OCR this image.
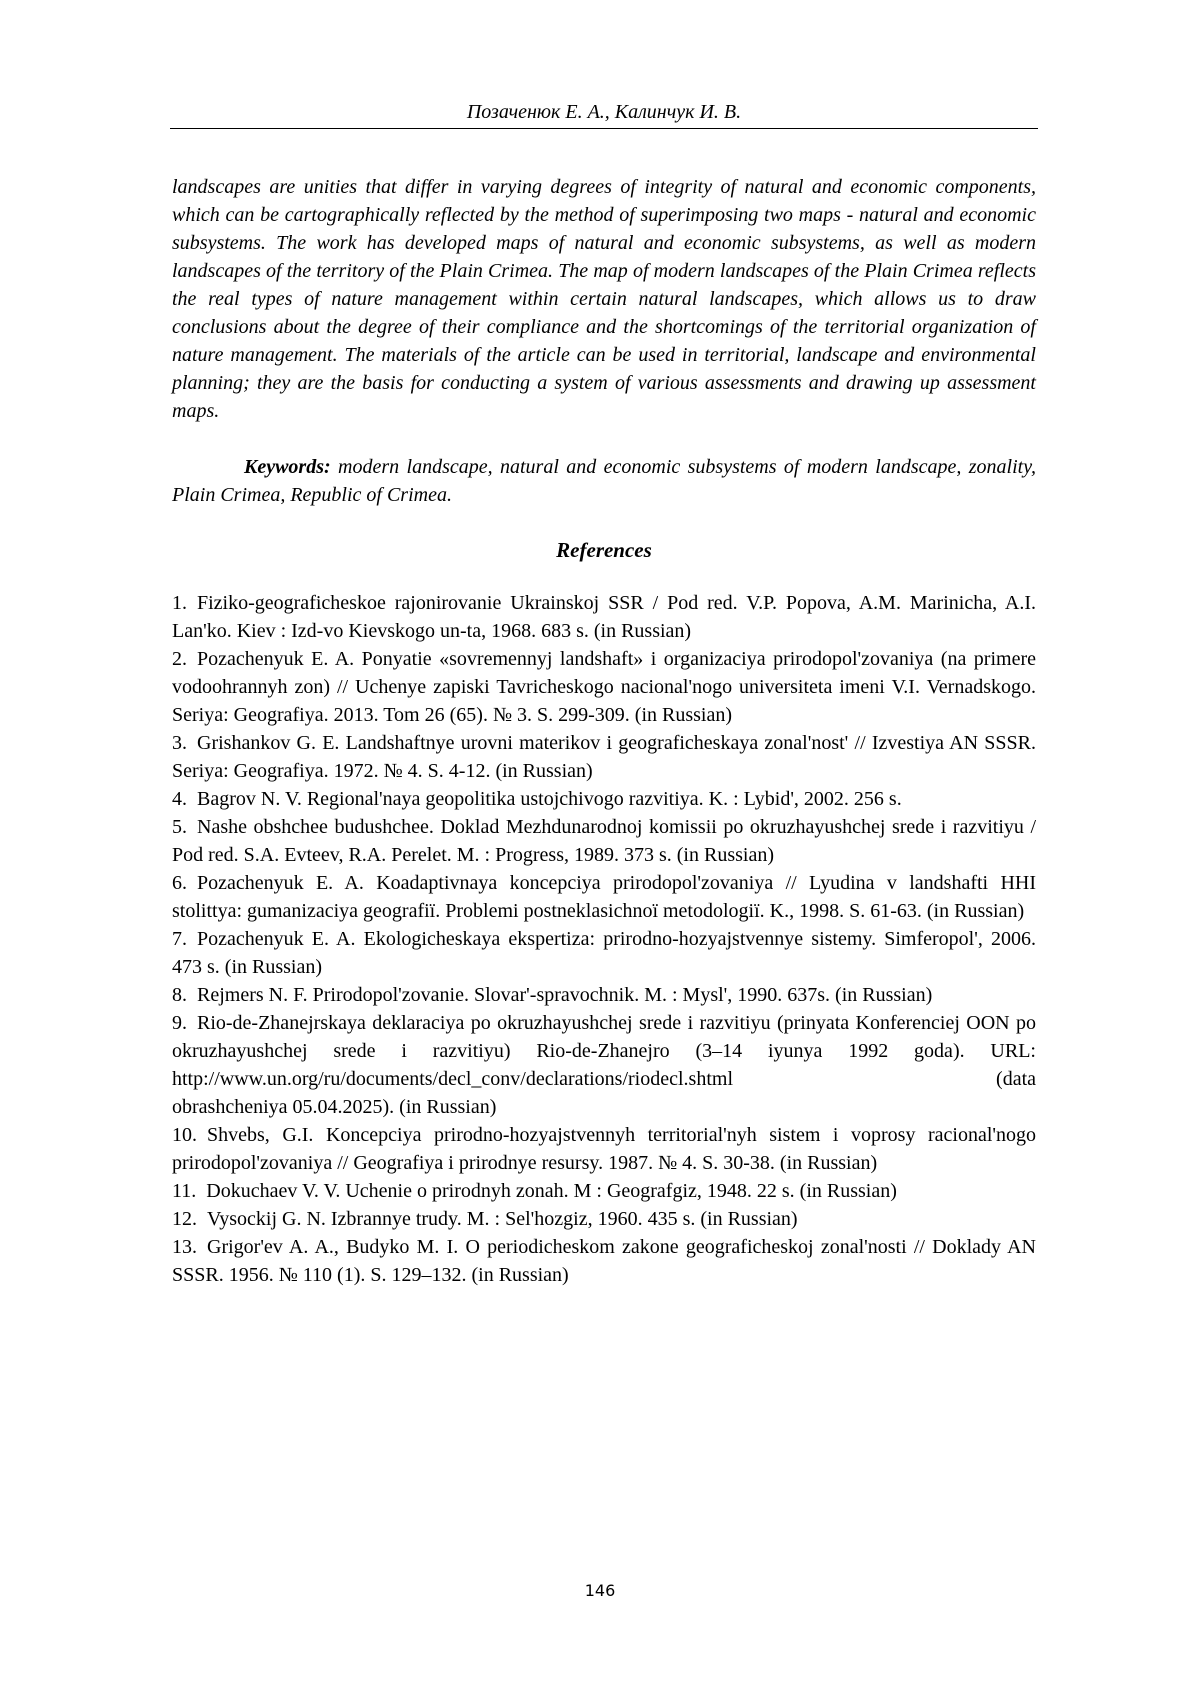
Позаченюк Е. А., Калинчук И. В.

landscapes are unities that differ in varying degrees of integrity of natural and economic components, which can be cartographically reflected by the method of superimposing two maps - natural and economic subsystems. The work has developed maps of natural and economic subsystems, as well as modern landscapes of the territory of the Plain Crimea. The map of modern landscapes of the Plain Crimea reflects the real types of nature management within certain natural landscapes, which allows us to draw conclusions about the degree of their compliance and the shortcomings of the territorial organization of nature management. The materials of the article can be used in territorial, landscape and environmental planning; they are the basis for conducting a system of various assessments and drawing up assessment maps.

Keywords: modern landscape, natural and economic subsystems of modern landscape, zonality, Plain Crimea, Republic of Crimea.

References

1. Fiziko-geograficheskoe rajonirovanie Ukrainskoj SSR / Pod red. V.P. Popova, A.M. Marinicha, A.I. Lan'ko. Kiev : Izd-vo Kievskogo un-ta, 1968. 683 s. (in Russian)

2. Pozachenyuk E. A. Ponyatie «sovremennyj landshaft» i organizaciya prirodopol'zovaniya (na primere vodoohrannyh zon) // Uchenye zapiski Tavricheskogo nacional'nogo universiteta imeni V.I. Vernadskogo. Seriya: Geografiya. 2013. Tom 26 (65). № 3. S. 299-309. (in Russian)

3. Grishankov G. E. Landshaftnye urovni materikov i geograficheskaya zonal'nost' // Izvestiya AN SSSR. Seriya: Geografiya. 1972. № 4. S. 4-12. (in Russian)

4. Bagrov N. V. Regional'naya geopolitika ustojchivogo razvitiya. K. : Lybid', 2002. 256 s.

5. Nashe obshchee budushchee. Doklad Mezhdunarodnoj komissii po okruzhayushchej srede i razvitiyu / Pod red. S.A. Evteev, R.A. Perelet. M. : Progress, 1989. 373 s. (in Russian)

6. Pozachenyuk E. A. Koadaptivnaya koncepciya prirodopol'zovaniya // Lyudina v landshafti HHI stolittya: gumanizaciya geografiï. Problemi postneklasichnoï metodologiï. K., 1998. S. 61-63. (in Russian)

7. Pozachenyuk E. A. Ekologicheskaya ekspertiza: prirodno-hozyajstvennye sistemy. Simferopol', 2006. 473 s. (in Russian)

8. Rejmers N. F. Prirodopol'zovanie. Slovar'-spravochnik. M. : Mysl', 1990. 637s. (in Russian)

9. Rio-de-Zhanejrskaya deklaraciya po okruzhayushchej srede i razvitiyu (prinyata Konferenciej OON po okruzhayushchej srede i razvitiyu) Rio-de-Zhanejro (3–14 iyunya 1992 goda). URL:

http://www.un.org/ru/documents/decl_conv/declarations/riodecl.shtml (data

obrashcheniya 05.04.2025). (in Russian)

10. Shvebs, G.I. Koncepciya prirodno-hozyajstvennyh territorial'nyh sistem i voprosy racional'nogo prirodopol'zovaniya // Geografiya i prirodnye resursy. 1987. № 4. S. 30-38. (in Russian)

11. Dokuchaev V. V. Uchenie o prirodnyh zonah. M : Geografgiz, 1948. 22 s. (in Russian)

12. Vysockij G. N. Izbrannye trudy. M. : Sel'hozgiz, 1960. 435 s. (in Russian)

13. Grigor'ev A. A., Budyko M. I. O periodicheskom zakone geograficheskoj zonal'nosti // Doklady AN SSSR. 1956. № 110 (1). S. 129–132. (in Russian)

146
